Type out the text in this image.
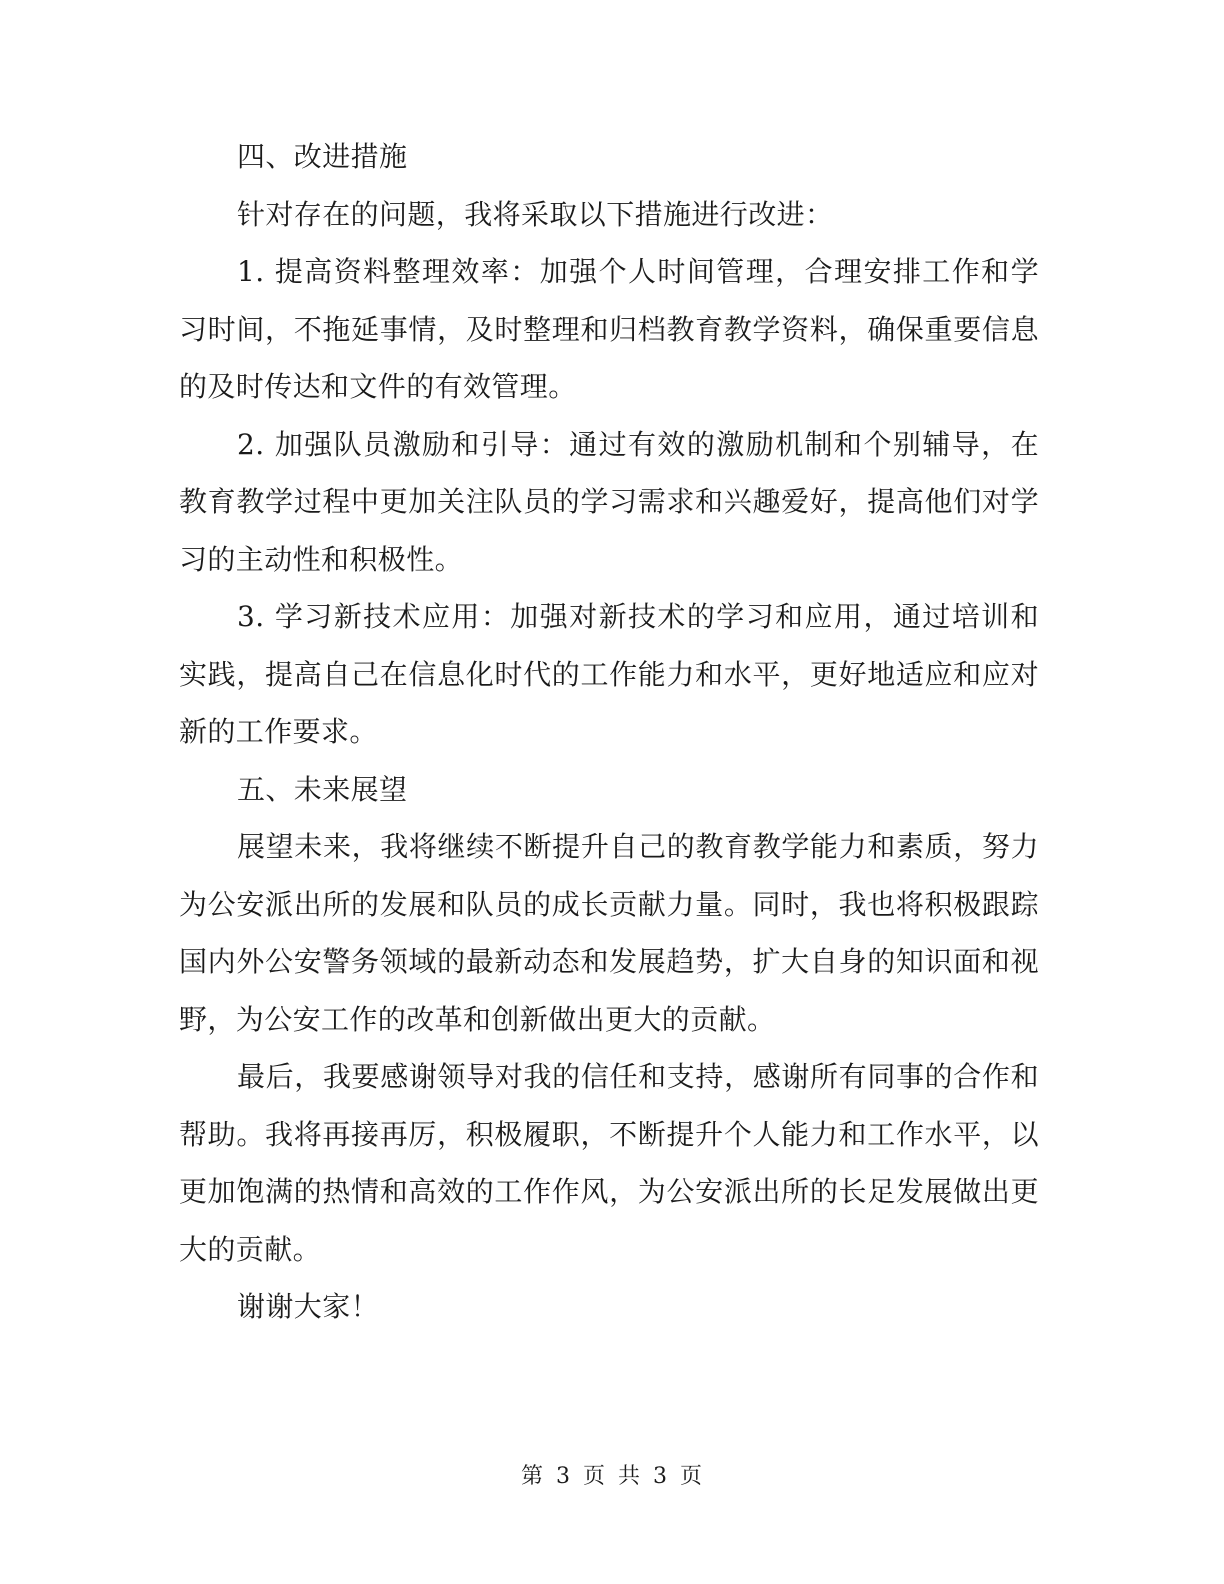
四、改进措施

针对存在的问题，我将采取以下措施进行改进：

1. 提高资料整理效率：加强个人时间管理，合理安排工作和学习时间，不拖延事情，及时整理和归档教育教学资料，确保重要信息的及时传达和文件的有效管理。

2. 加强队员激励和引导：通过有效的激励机制和个别辅导，在教育教学过程中更加关注队员的学习需求和兴趣爱好，提高他们对学习的主动性和积极性。

3. 学习新技术应用：加强对新技术的学习和应用，通过培训和实践，提高自己在信息化时代的工作能力和水平，更好地适应和应对新的工作要求。

五、未来展望

展望未来，我将继续不断提升自己的教育教学能力和素质，努力为公安派出所的发展和队员的成长贡献力量。同时，我也将积极跟踪国内外公安警务领域的最新动态和发展趋势，扩大自身的知识面和视野，为公安工作的改革和创新做出更大的贡献。

最后，我要感谢领导对我的信任和支持，感谢所有同事的合作和帮助。我将再接再厉，积极履职，不断提升个人能力和工作水平，以更加饱满的热情和高效的工作作风，为公安派出所的长足发展做出更大的贡献。

谢谢大家！

第 3 页 共 3 页
